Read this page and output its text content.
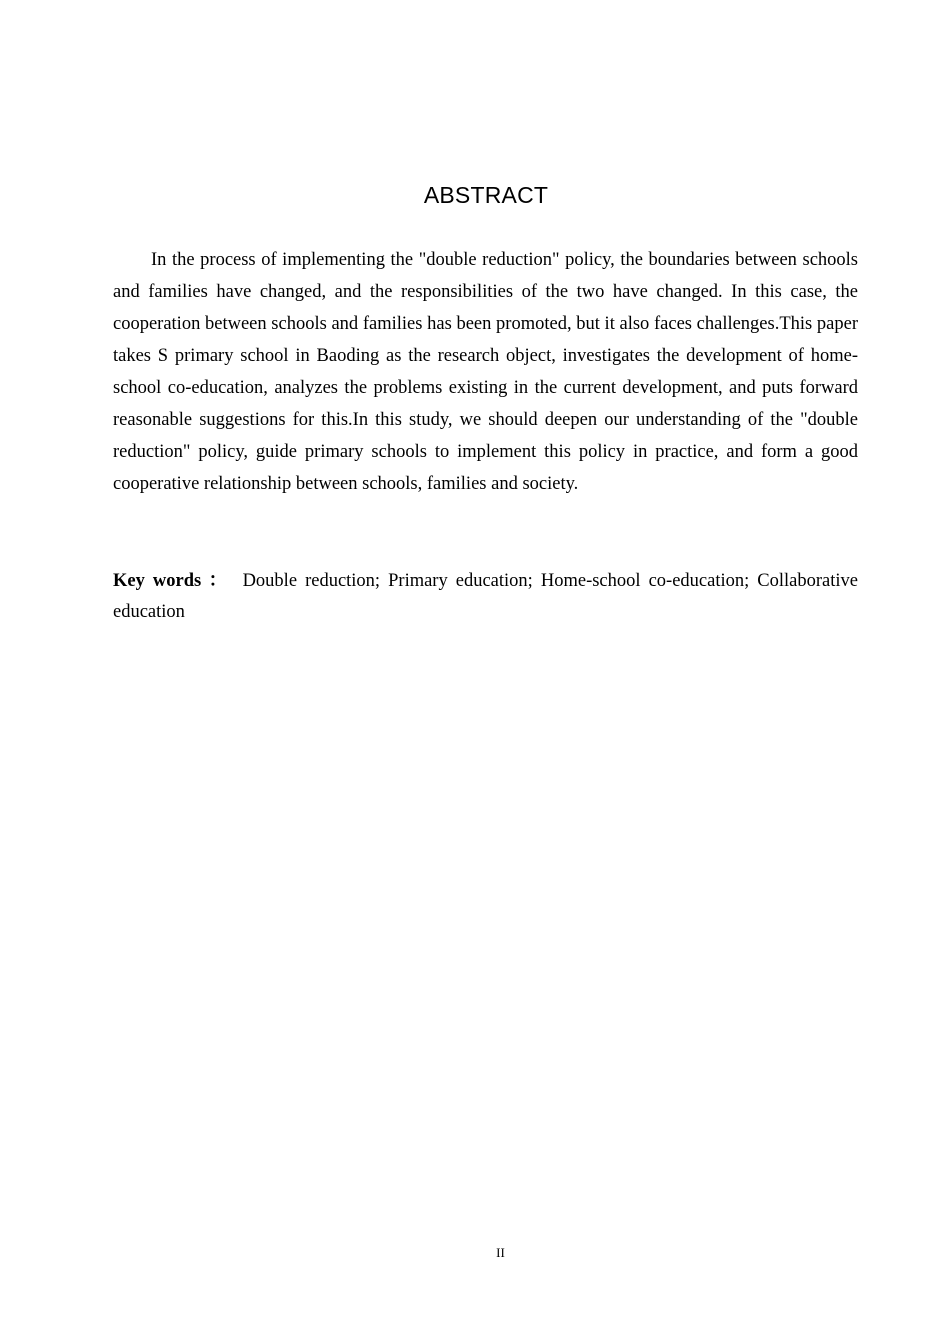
ABSTRACT

In the process of implementing the "double reduction" policy, the boundaries between schools and families have changed, and the responsibilities of the two have changed. In this case, the cooperation between schools and families has been promoted, but it also faces challenges.This paper takes S primary school in Baoding as the research object, investigates the development of home-school co-education, analyzes the problems existing in the current development, and puts forward reasonable suggestions for this.In this study, we should deepen our understanding of the "double reduction" policy, guide primary schools to implement this policy in practice, and form a good cooperative relationship between schools, families and society.

Key words ： Double reduction; Primary education; Home-school co-education; Collaborative education

II
